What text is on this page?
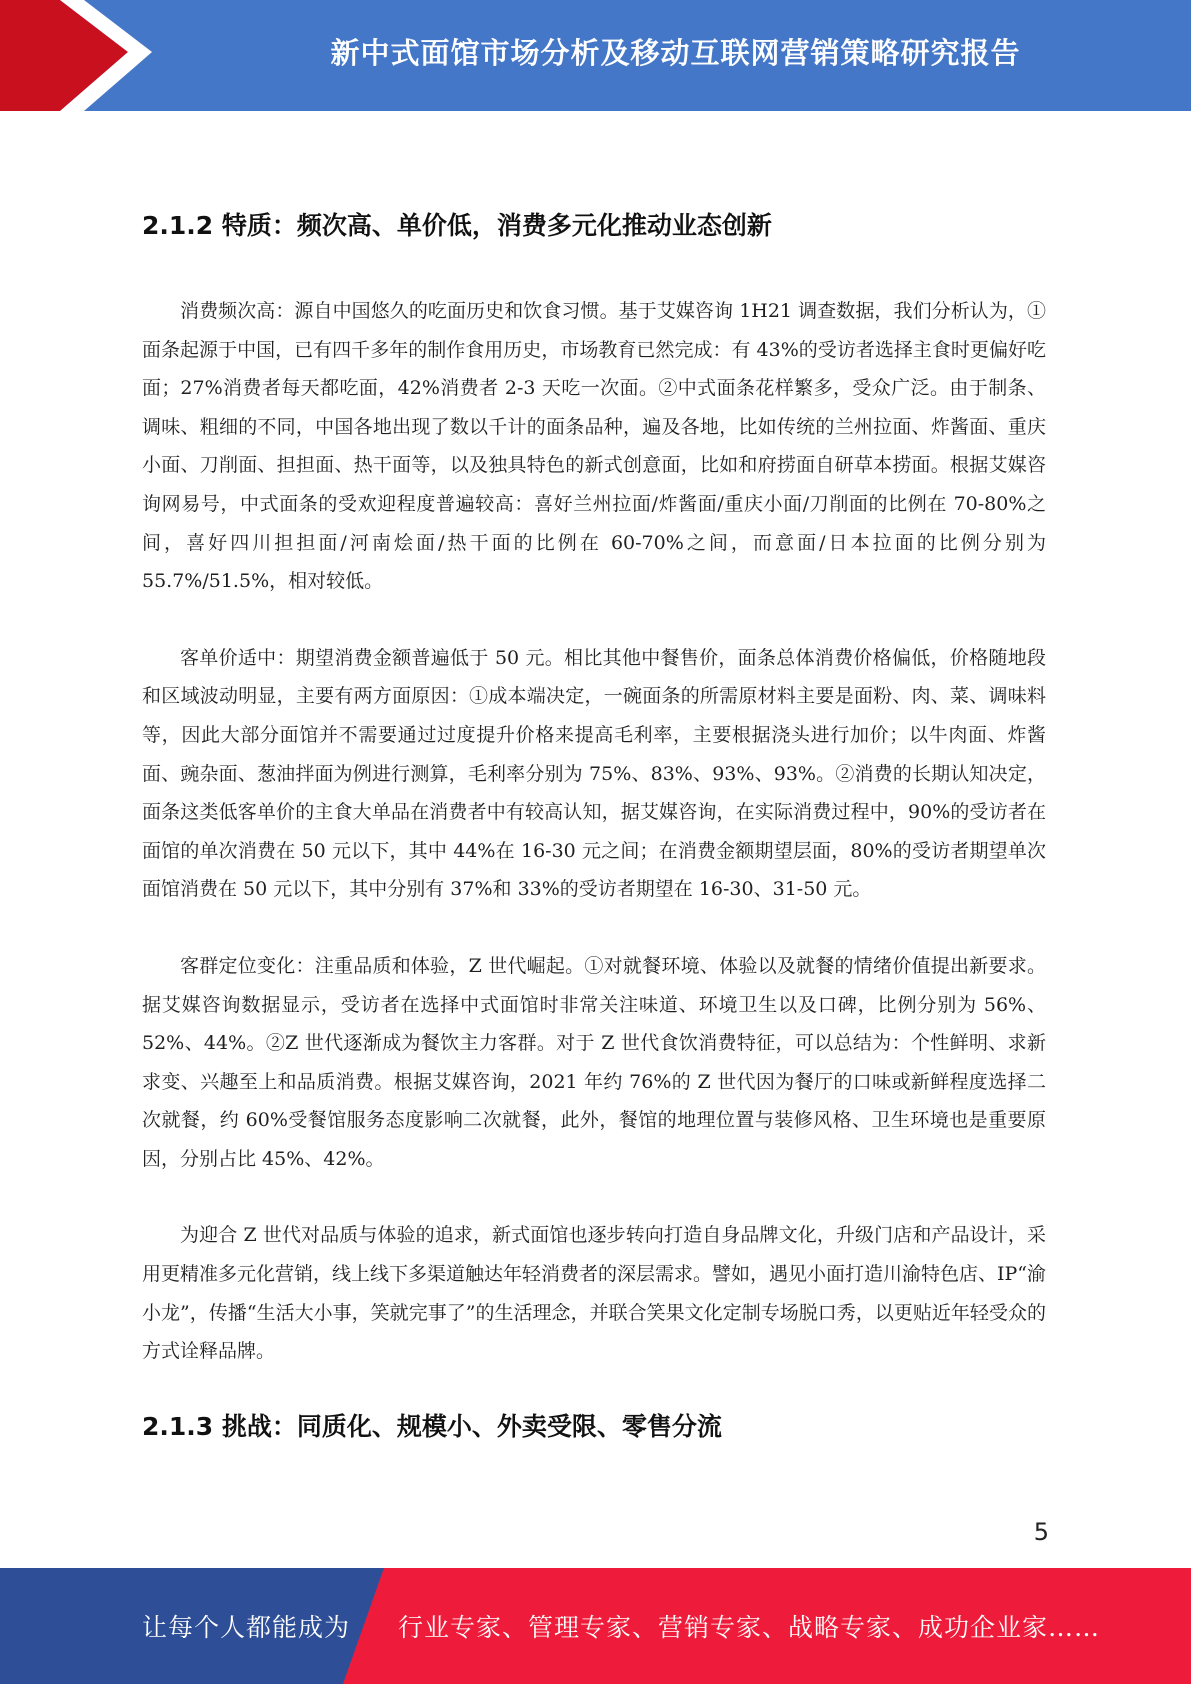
新中式面馆市场分析及移动互联网营销策略研究报告
2.1.2 特质：频次高、单价低，消费多元化推动业态创新

消费频次高：源自中国悠久的吃面历史和饮食习惯。基于艾媒咨询 1H21 调查数据，我们分析认为，①面条起源于中国，已有四千多年的制作食用历史，市场教育已然完成：有 43%的受访者选择主食时更偏好吃面；27%消费者每天都吃面，42%消费者 2-3 天吃一次面。②中式面条花样繁多，受众广泛。由于制条、调味、粗细的不同，中国各地出现了数以千计的面条品种，遍及各地，比如传统的兰州拉面、炸酱面、重庆小面、刀削面、担担面、热干面等，以及独具特色的新式创意面，比如和府捞面自研草本捞面。根据艾媒咨询网易号，中式面条的受欢迎程度普遍较高：喜好兰州拉面/炸酱面/重庆小面/刀削面的比例在 70-80%之间，喜好四川担担面/河南烩面/热干面的比例在 60-70%之间，而意面/日本拉面的比例分别为 55.7%/51.5%，相对较低。

客单价适中：期望消费金额普遍低于 50 元。相比其他中餐售价，面条总体消费价格偏低，价格随地段和区域波动明显，主要有两方面原因：①成本端决定，一碗面条的所需原材料主要是面粉、肉、菜、调味料等，因此大部分面馆并不需要通过过度提升价格来提高毛利率，主要根据浇头进行加价；以牛肉面、炸酱面、豌杂面、葱油拌面为例进行测算，毛利率分别为 75%、83%、93%、93%。②消费的长期认知决定，面条这类低客单价的主食大单品在消费者中有较高认知，据艾媒咨询，在实际消费过程中，90%的受访者在面馆的单次消费在 50 元以下，其中 44%在 16-30 元之间；在消费金额期望层面，80%的受访者期望单次面馆消费在 50 元以下，其中分别有 37%和 33%的受访者期望在 16-30、31-50 元。

客群定位变化：注重品质和体验，Z 世代崛起。①对就餐环境、体验以及就餐的情绪价值提出新要求。据艾媒咨询数据显示，受访者在选择中式面馆时非常关注味道、环境卫生以及口碑，比例分别为 56%、52%、44%。②Z 世代逐渐成为餐饮主力客群。对于 Z 世代食饮消费特征，可以总结为：个性鲜明、求新求变、兴趣至上和品质消费。根据艾媒咨询，2021 年约 76%的 Z 世代因为餐厅的口味或新鲜程度选择二次就餐，约 60%受餐馆服务态度影响二次就餐，此外，餐馆的地理位置与装修风格、卫生环境也是重要原因，分别占比 45%、42%。

为迎合 Z 世代对品质与体验的追求，新式面馆也逐步转向打造自身品牌文化，升级门店和产品设计，采用更精准多元化营销，线上线下多渠道触达年轻消费者的深层需求。譬如，遇见小面打造川渝特色店、IP“渝小龙”，传播“生活大小事，笑就完事了”的生活理念，并联合笑果文化定制专场脱口秀，以更贴近年轻受众的方式诠释品牌。

2.1.3 挑战：同质化、规模小、外卖受限、零售分流
5
让每个人都能成为 行业专家、管理专家、营销专家、战略专家、成功企业家……
